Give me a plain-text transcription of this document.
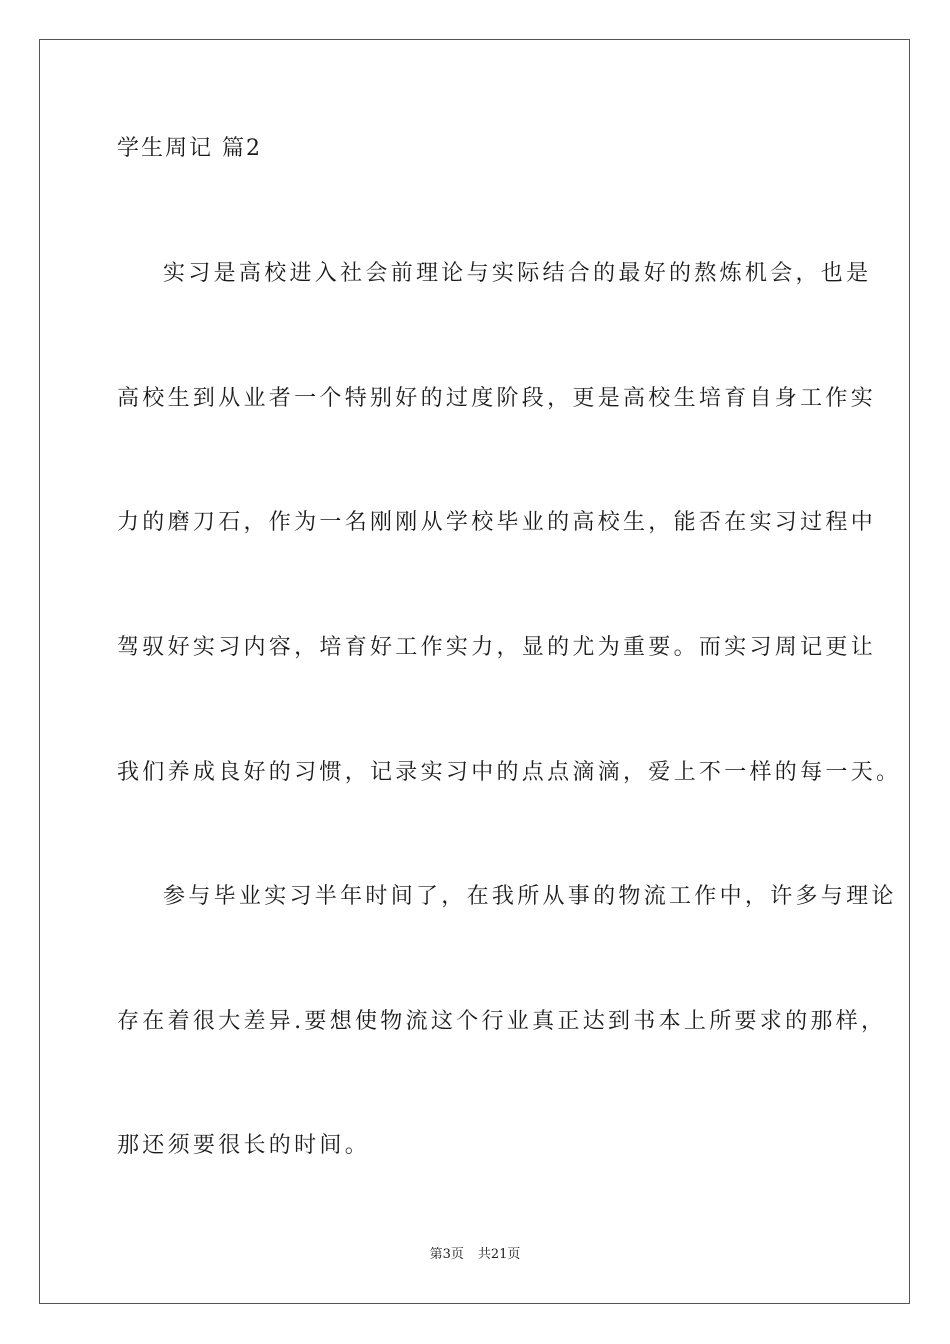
学生周记 篇2
实习是高校进入社会前理论与实际结合的最好的熬炼机会，也是
高校生到从业者一个特别好的过度阶段，更是高校生培育自身工作实
力的磨刀石，作为一名刚刚从学校毕业的高校生，能否在实习过程中
驾驭好实习内容，培育好工作实力，显的尤为重要。而实习周记更让
我们养成良好的习惯，记录实习中的点点滴滴，爱上不一样的每一天。
参与毕业实习半年时间了，在我所从事的物流工作中，许多与理论
存在着很大差异.要想使物流这个行业真正达到书本上所要求的那样，
那还须要很长的时间。
第3页 共21页
